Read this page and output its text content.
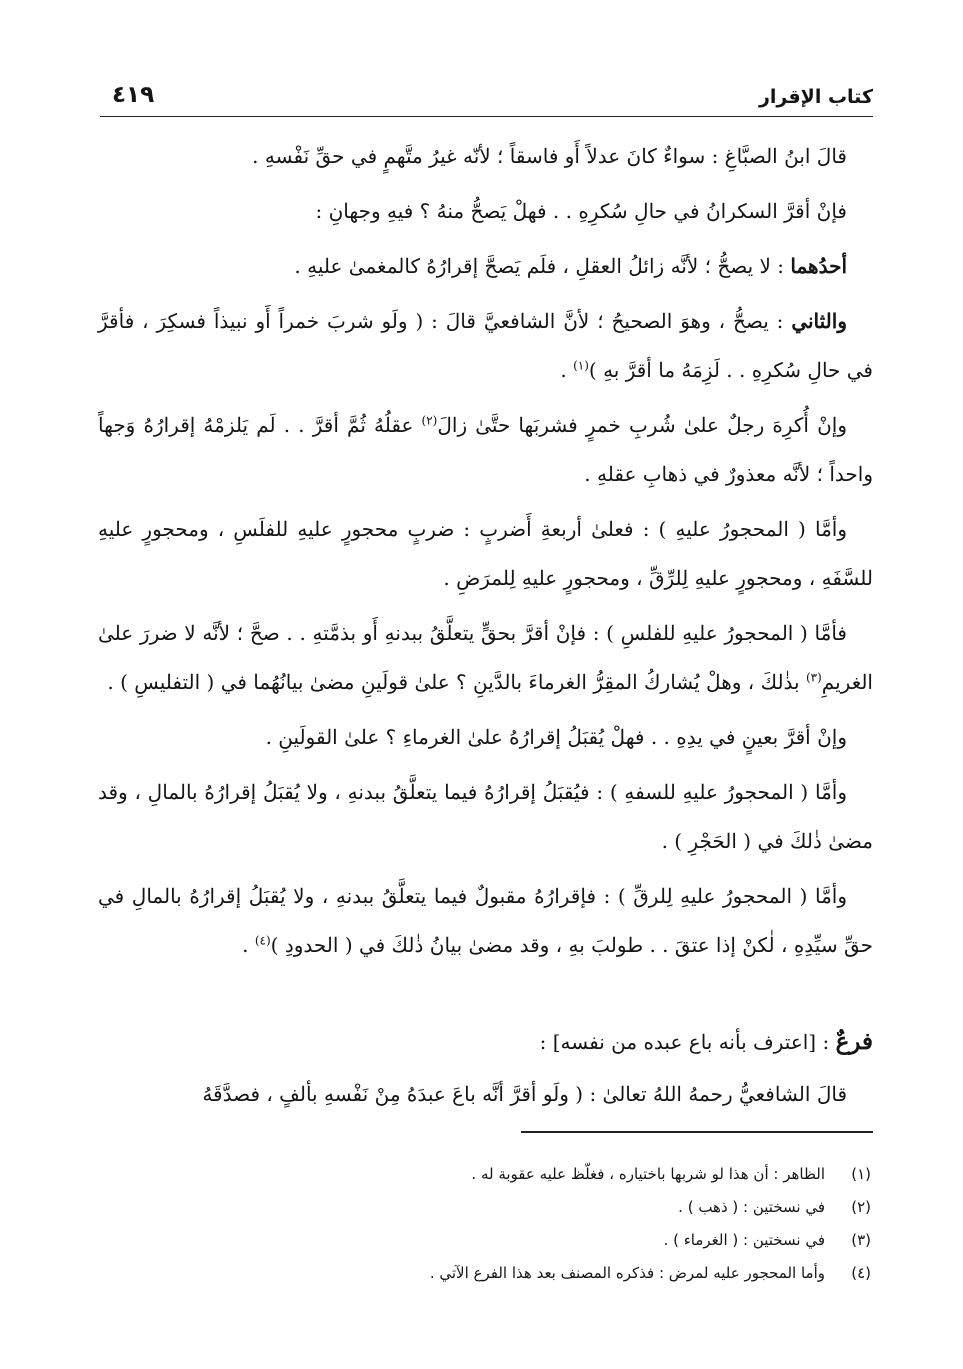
كتاب الإقرار
٤١٩

قالَ ابنُ الصبَّاغِ : سواءٌ كانَ عدلاً أَو فاسقاً ؛ لأنّه غيرُ متَّهمٍ في حقِّ نَفْسهِ .

فإنْ أقرَّ السكرانُ في حالِ سُكرِهِ . . فهلْ يَصحُّ منهُ ؟ فيهِ وجهانِ :

أحدُهما : لا يصحُّ ؛ لأنَّه زائلُ العقلِ ، فلَم يَصحَّ إقرارُهُ كالمغمىٰ عليهِ .

والثاني : يصحُّ ، وهوَ الصحيحُ ؛ لأنَّ الشافعيَّ قالَ : ( ولَو شربَ خمراً أَو نبيذاً فسكِرَ ، فأقرَّ في حالِ سُكرِهِ . . لَزِمَهُ ما أقرَّ بهِ )$^{(١)}$ .

وإنْ أُكرِهَ رجلٌ علىٰ شُربِ خمرٍ فشربَها حتَّىٰ زالَ$^{(٢)}$ عقلُهُ ثُمَّ أقرَّ . . لَم يَلزمْهُ إقرارُهُ وَجهاً واحداً ؛ لأنَّه معذورٌ في ذهابِ عقلهِ .

وأمَّا ( المحجورُ عليهِ ) : فعلىٰ أربعةِ أَضربٍ : ضربٍ محجورٍ عليهِ للفلَسِ ، ومحجورٍ عليهِ للسَّفَهِ ، ومحجورٍ عليهِ لِلرِّقِّ ، ومحجورٍ عليهِ لِلمرَضِ .

فأمَّا ( المحجورُ عليهِ للفلسِ ) : فإنْ أقرَّ بحقٍّ يتعلَّقُ ببدنهِ أَو بذمَّتهِ . . صحَّ ؛ لأنَّه لا ضررَ علىٰ الغريمِ$^{(٣)}$ بذٰلكَ ، وهلْ يُشاركُ المقِرُّ الغرماءَ بالدَّينِ ؟ علىٰ قولَينِ مضىٰ بيانُهُما في ( التفليسِ ) .

وإنْ أقرَّ بعينٍ في يدِهِ . . فهلْ يُقبَلُ إقرارُهُ علىٰ الغرماءِ ؟ علىٰ القولَينِ .

وأمَّا ( المحجورُ عليهِ للسفهِ ) : فيُقبَلُ إقرارُهُ فيما يتعلَّقُ ببدنهِ ، ولا يُقبَلُ إقرارُهُ بالمالِ ، وقد مضىٰ ذٰلكَ في ( الحَجْرِ ) .

وأمَّا ( المحجورُ عليهِ لِلرقِّ ) : فإقرارُهُ مقبولٌ فيما يتعلَّقُ ببدنهِ ، ولا يُقبَلُ إقرارُهُ بالمالِ في حقِّ سيِّدِهِ ، لٰكنْ إذا عتقَ . . طولبَ بهِ ، وقد مضىٰ بيانُ ذٰلكَ في ( الحدودِ )$^{(٤)}$ .

فرعٌ : [اعترف بأنه باع عبده من نفسه] :
قالَ الشافعيُّ رحمهُ اللهُ تعالىٰ : ( ولَو أقرَّ أنَّه باعَ عبدَهُ مِنْ نَفْسهِ بألفٍ ، فصدَّقَهُ
(١)
الظاهر : أن هذا لو شربها باختياره ، فغلّظ عليه عقوبة له .
(٢)
في نسختين : ( ذهب ) .
(٣)
في نسختين : ( الغرماء ) .
(٤)
وأما المحجور عليه لمرض : فذكره المصنف بعد هذا الفرع الآتي .
